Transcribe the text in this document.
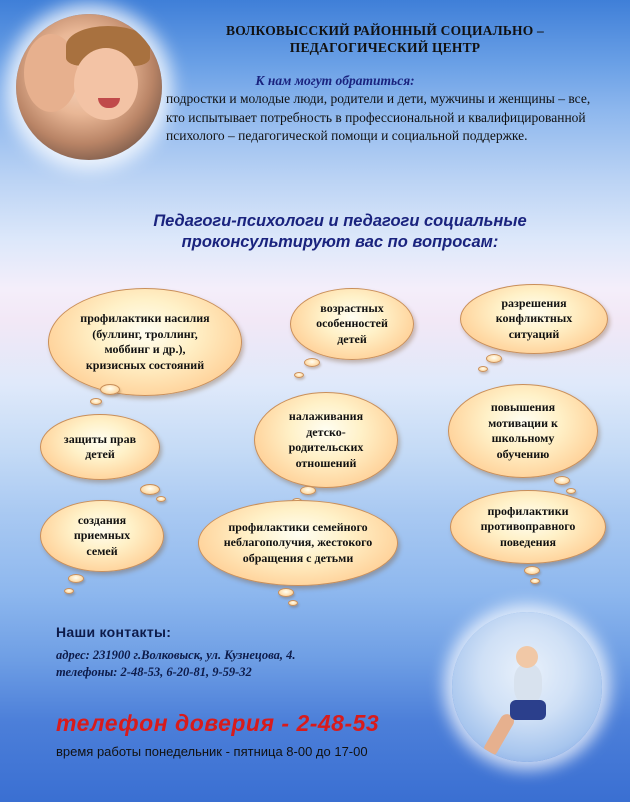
ВОЛКОВЫССКИЙ РАЙОННЫЙ СОЦИАЛЬНО –
ПЕДАГОГИЧЕСКИЙ ЦЕНТР
К нам могут обратиться:
подростки и молодые люди, родители и дети, мужчины и женщины – все, кто испытывает потребность в профессиональной и квалифицированной психолого – педагогической помощи и социальной поддержке.
Педагоги-психологи и педагоги социальные
проконсультируют вас по вопросам:
профилактики насилия (буллинг, троллинг, моббинг и др.), кризисных состояний
возрастных особенностей детей
разрешения конфликтных ситуаций
защиты прав детей
налаживания детско-родительских отношений
повышения мотивации к школьному обучению
создания приемных семей
профилактики семейного неблагополучия, жестокого обращения с детьми
профилактики противоправного поведения
Наши контакты:
адрес: 231900 г.Волковыск, ул. Кузнецова, 4.
телефоны: 2-48-53, 6-20-81, 9-59-32
телефон доверия - 2-48-53
время работы понедельник - пятница 8-00 до 17-00
